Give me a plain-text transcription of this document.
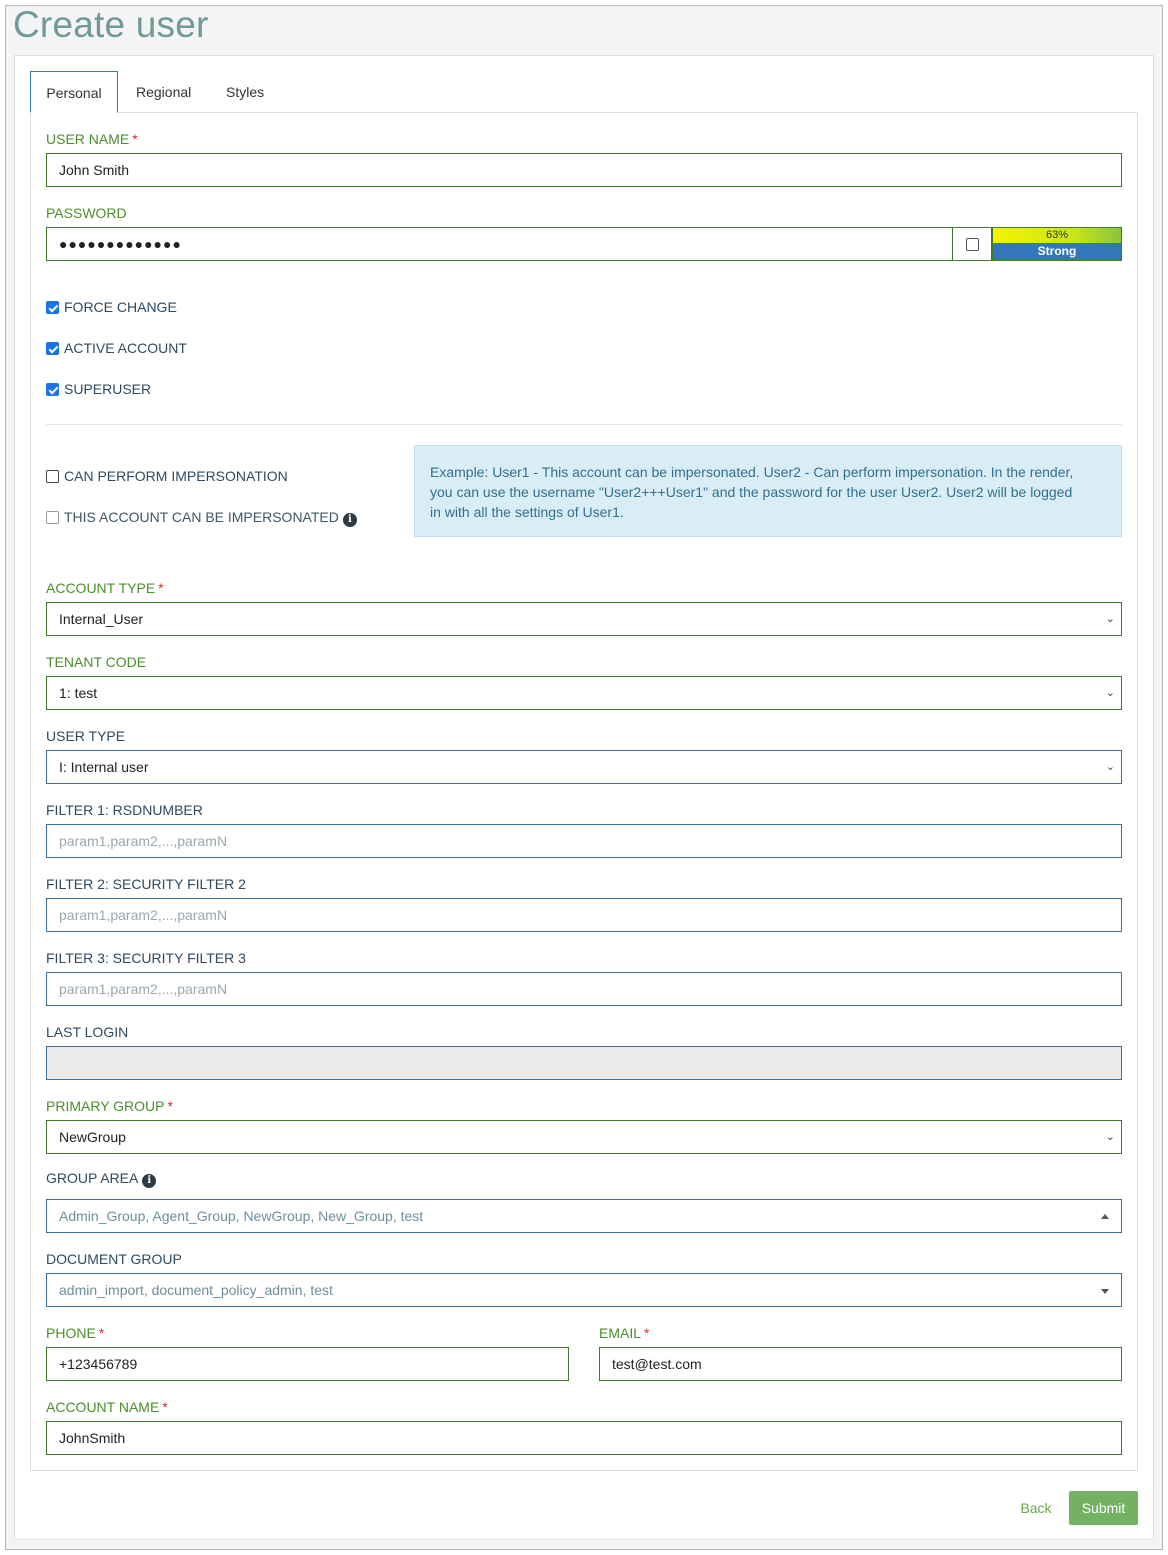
Create user
Personal	Regional	Styles
USER NAME *
John Smith
PASSWORD
●●●●●●●●●●●●●
63%
Strong
FORCE CHANGE
ACTIVE ACCOUNT
SUPERUSER
CAN PERFORM IMPERSONATION
THIS ACCOUNT CAN BE IMPERSONATED i
Example: User1 - This account can be impersonated. User2 - Can perform impersonation. In the render, you can use the username "User2+++User1" and the password for the user User2. User2 will be logged in with all the settings of User1.
ACCOUNT TYPE *
Internal_User	⌄
TENANT CODE
1: test	⌄
USER TYPE
I: Internal user	⌄
FILTER 1: RSDNUMBER
param1,param2,...,paramN
FILTER 2: SECURITY FILTER 2
param1,param2,...,paramN
FILTER 3: SECURITY FILTER 3
param1,param2,...,paramN
LAST LOGIN
PRIMARY GROUP *
NewGroup	⌄
GROUP AREA i
Admin_Group, Agent_Group, NewGroup, New_Group, test
DOCUMENT GROUP
admin_import, document_policy_admin, test
PHONE *	EMAIL *
+123456789	test@test.com
ACCOUNT NAME *
JohnSmith
Back	Submit
